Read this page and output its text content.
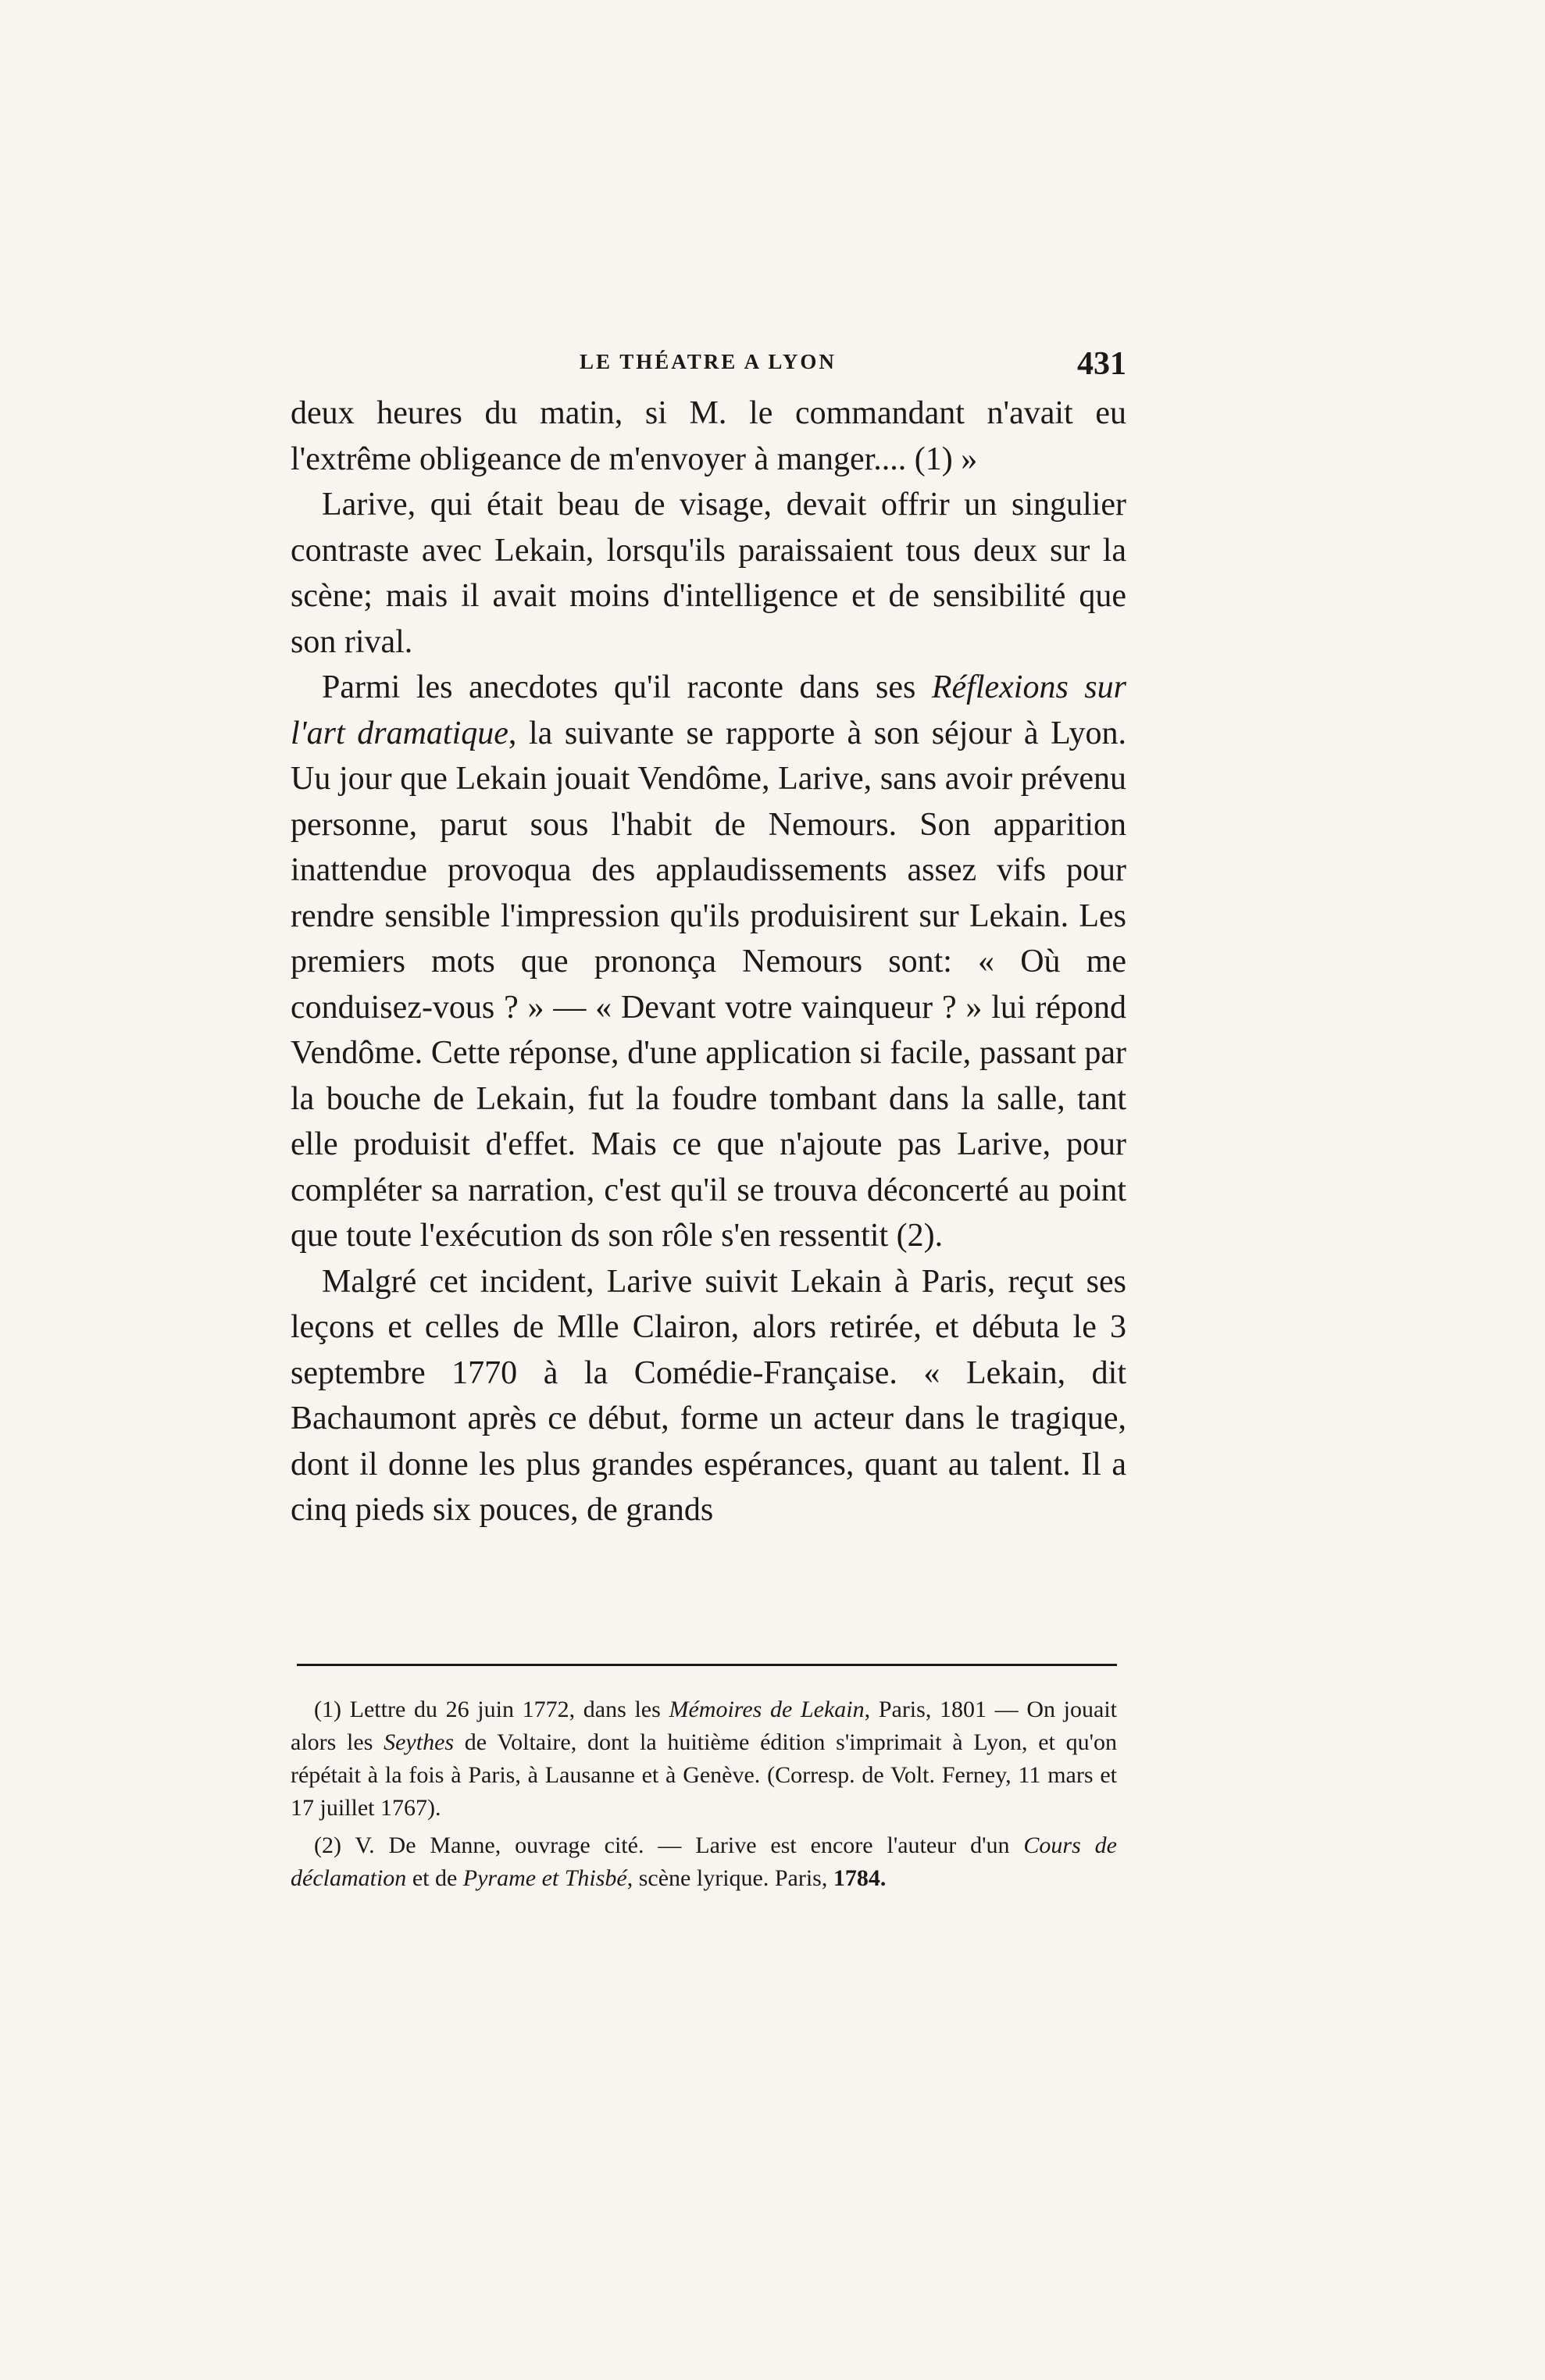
LE THÉATRE A LYON	431

deux heures du matin, si M. le commandant n'avait eu l'extrême obligeance de m'envoyer à manger.... (1) »

Larive, qui était beau de visage, devait offrir un singulier contraste avec Lekain, lorsqu'ils paraissaient tous deux sur la scène; mais il avait moins d'intelligence et de sensibilité que son rival.

Parmi les anecdotes qu'il raconte dans ses Réflexions sur l'art dramatique, la suivante se rapporte à son séjour à Lyon. Uu jour que Lekain jouait Vendôme, Larive, sans avoir prévenu personne, parut sous l'habit de Nemours. Son apparition inattendue provoqua des applaudissements assez vifs pour rendre sensible l'impression qu'ils produisirent sur Lekain. Les premiers mots que prononça Nemours sont: « Où me conduisez-vous ? » — « Devant votre vainqueur ? » lui répond Vendôme. Cette réponse, d'une application si facile, passant par la bouche de Lekain, fut la foudre tombant dans la salle, tant elle produisit d'effet. Mais ce que n'ajoute pas Larive, pour compléter sa narration, c'est qu'il se trouva déconcerté au point que toute l'exécution ds son rôle s'en ressentit (2).

Malgré cet incident, Larive suivit Lekain à Paris, reçut ses leçons et celles de Mlle Clairon, alors retirée, et débuta le 3 septembre 1770 à la Comédie-Française. « Lekain, dit Bachaumont après ce début, forme un acteur dans le tragique, dont il donne les plus grandes espérances, quant au talent. Il a cinq pieds six pouces, de grands

(1) Lettre du 26 juin 1772, dans les Mémoires de Lekain, Paris, 1801 — On jouait alors les Seythes de Voltaire, dont la huitième édition s'imprimait à Lyon, et qu'on répétait à la fois à Paris, à Lausanne et à Genève. (Corresp. de Volt. Ferney, 11 mars et 17 juillet 1767).

(2) V. De Manne, ouvrage cité. — Larive est encore l'auteur d'un Cours de déclamation et de Pyrame et Thisbé, scène lyrique. Paris, 1784.
